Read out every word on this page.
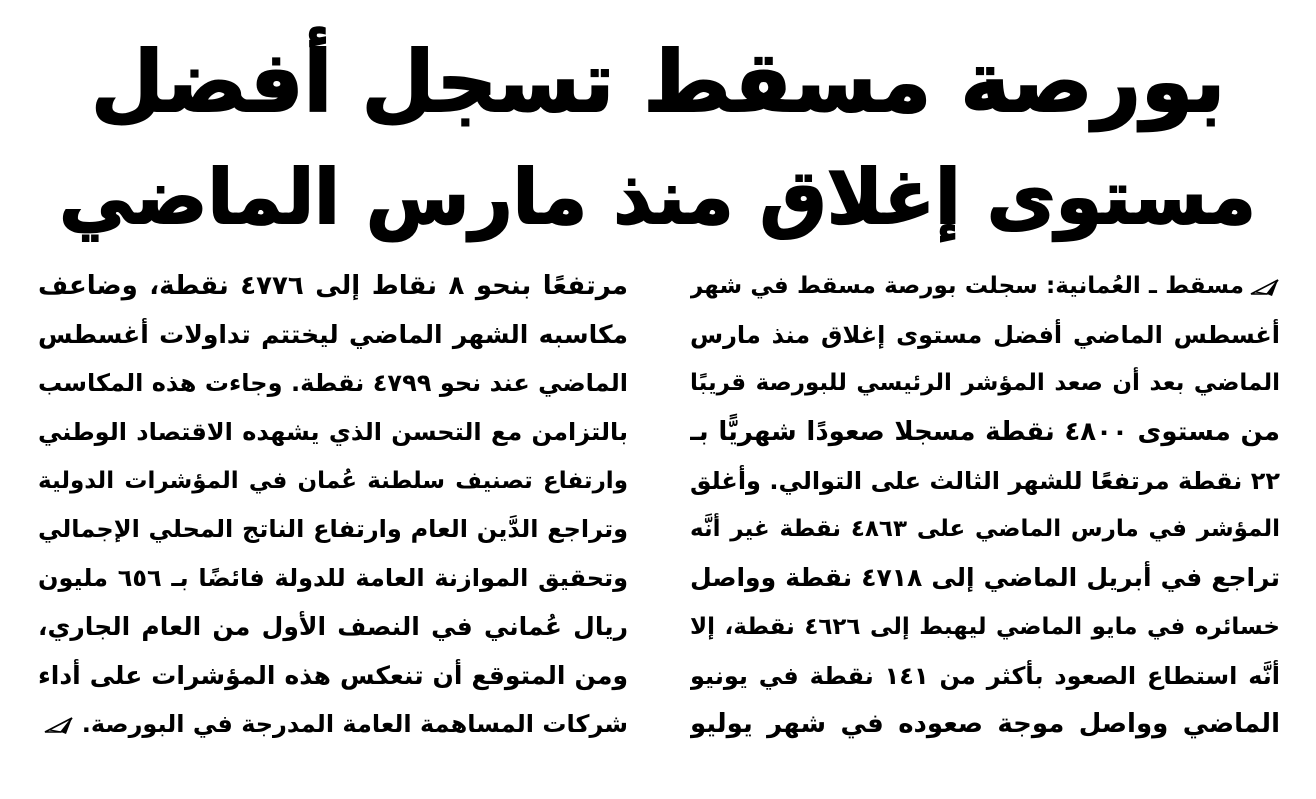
بورصة مسقط تسجل أفضل
مستوى إغلاق منذ مارس الماضي
مسقط ـ العُمانية: سجلت بورصة مسقط في شهر
أغسطس الماضي أفضل مستوى إغلاق منذ مارس
الماضي بعد أن صعد المؤشر الرئيسي للبورصة قريبًا
من مستوى ٤٨٠٠ نقطة مسجلا صعودًا شهريًّا بـ
٢٢ نقطة مرتفعًا للشهر الثالث على التوالي. وأغلق
المؤشر في مارس الماضي على ٤٨٦٣ نقطة غير أنَّه
تراجع في أبريل الماضي إلى ٤٧١٨ نقطة وواصل
خسائره في مايو الماضي ليهبط إلى ٤٦٢٦ نقطة، إلا
أنَّه استطاع الصعود بأكثر من ١٤١ نقطة في يونيو
الماضي وواصل موجة صعوده في شهر يوليو
مرتفعًا بنحو ٨ نقاط إلى ٤٧٧٦ نقطة، وضاعف
مكاسبه الشهر الماضي ليختتم تداولات أغسطس
الماضي عند نحو ٤٧٩٩ نقطة. وجاءت هذه المكاسب
بالتزامن مع التحسن الذي يشهده الاقتصاد الوطني
وارتفاع تصنيف سلطنة عُمان في المؤشرات الدولية
وتراجع الدَّين العام وارتفاع الناتج المحلي الإجمالي
وتحقيق الموازنة العامة للدولة فائضًا بـ ٦٥٦ مليون
ريال عُماني في النصف الأول من العام الجاري،
ومن المتوقع أن تنعكس هذه المؤشرات على أداء
شركات المساهمة العامة المدرجة في البورصة.
